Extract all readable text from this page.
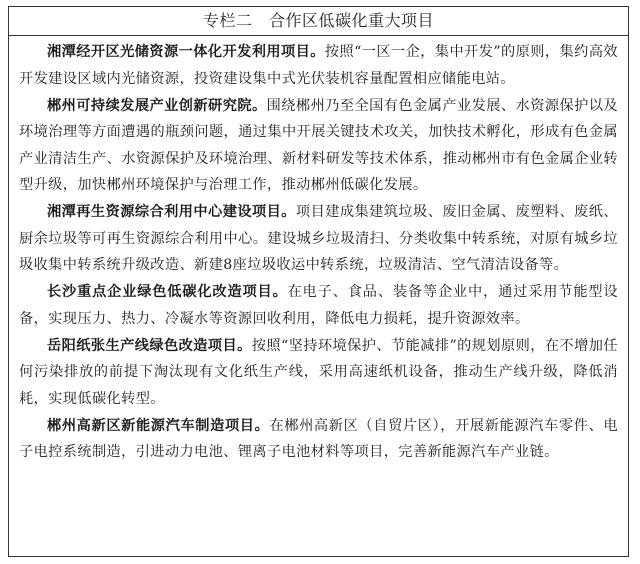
专栏二　合作区低碳化重大项目

湘潭经开区光储资源一体化开发利用项目。按照“一区一企，集中开发”的原则，集约高效开发建设区域内光储资源，投资建设集中式光伏装机容量配置相应储能电站。

郴州可持续发展产业创新研究院。围绕郴州乃至全国有色金属产业发展、水资源保护以及环境治理等方面遭遇的瓶颈问题，通过集中开展关键技术攻关，加快技术孵化，形成有色金属产业清洁生产、水资源保护及环境治理、新材料研发等技术体系，推动郴州市有色金属企业转型升级，加快郴州环境保护与治理工作，推动郴州低碳化发展。

湘潭再生资源综合利用中心建设项目。项目建成集建筑垃圾、废旧金属、废塑料、废纸、厨余垃圾等可再生资源综合利用中心。建设城乡垃圾清扫、分类收集中转系统，对原有城乡垃圾收集中转系统升级改造、新建8座垃圾收运中转系统，垃圾清洁、空气清洁设备等。

长沙重点企业绿色低碳化改造项目。在电子、食品、装备等企业中，通过采用节能型设备，实现压力、热力、冷凝水等资源回收利用，降低电力损耗，提升资源效率。

岳阳纸张生产线绿色改造项目。按照“坚持环境保护、节能减排”的规划原则，在不增加任何污染排放的前提下淘汰现有文化纸生产线，采用高速纸机设备，推动生产线升级，降低消耗，实现低碳化转型。

郴州高新区新能源汽车制造项目。在郴州高新区（自贸片区），开展新能源汽车零件、电子电控系统制造，引进动力电池、锂离子电池材料等项目，完善新能源汽车产业链。
